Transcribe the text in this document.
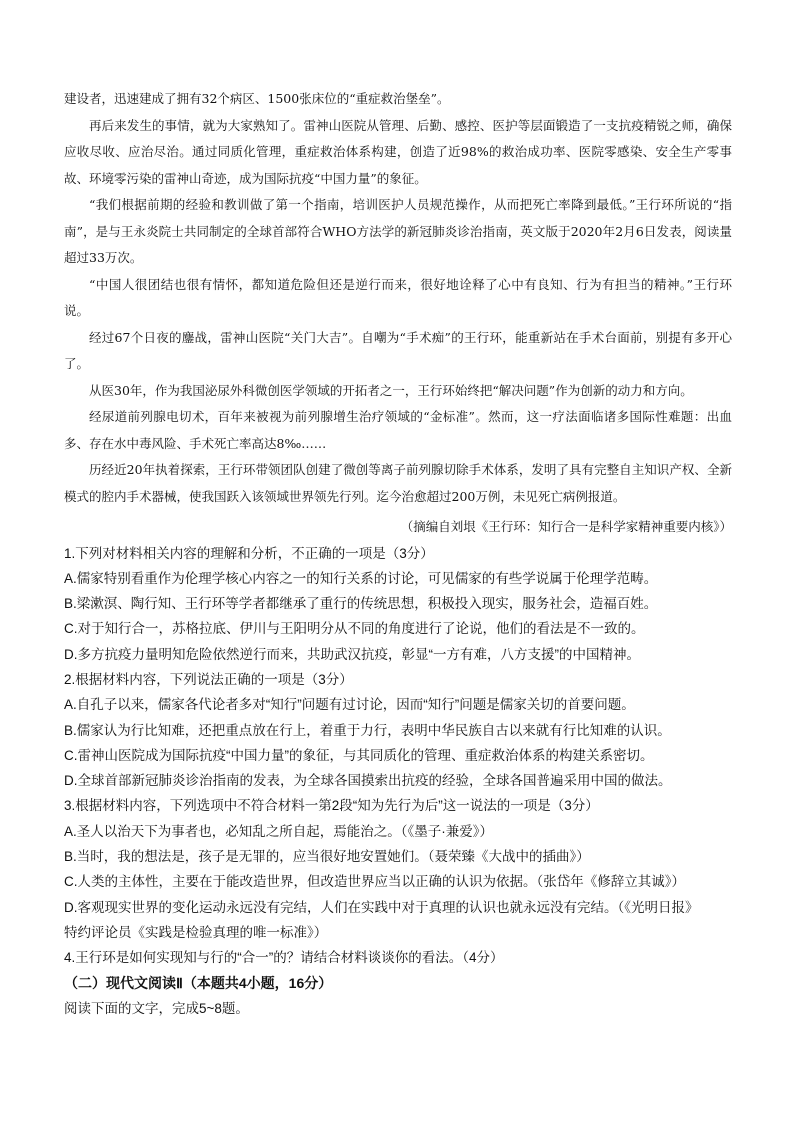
建设者，迅速建成了拥有32个病区、1500张床位的“重症救治堡垒”。

再后来发生的事情，就为大家熟知了。雷神山医院从管理、后勤、感控、医护等层面锻造了一支抗疫精锐之师，确保应收尽收、应治尽治。通过同质化管理，重症救治体系构建，创造了近98%的救治成功率、医院零感染、安全生产零事故、环境零污染的雷神山奇迹，成为国际抗疫“中国力量”的象征。

“我们根据前期的经验和教训做了第一个指南，培训医护人员规范操作，从而把死亡率降到最低。”王行环所说的“指南”，是与王永炎院士共同制定的全球首部符合WHO方法学的新冠肺炎诊治指南，英文版于2020年2月6日发表，阅读量超过33万次。

“中国人很团结也很有情怀，都知道危险但还是逆行而来，很好地诠释了心中有良知、行为有担当的精神。”王行环说。

经过67个日夜的鏖战，雷神山医院“关门大吉”。自嘲为“手术痴”的王行环，能重新站在手术台面前，别提有多开心了。

从医30年，作为我国泌尿外科微创医学领域的开拓者之一，王行环始终把“解决问题”作为创新的动力和方向。

经尿道前列腺电切术，百年来被视为前列腺增生治疗领域的“金标准”。然而，这一疗法面临诸多国际性难题：出血多、存在水中毒风险、手术死亡率高达8‰……

历经近20年执着探索，王行环带领团队创建了微创等离子前列腺切除手术体系，发明了具有完整自主知识产权、全新模式的腔内手术器械，使我国跃入该领域世界领先行列。迄今治愈超过200万例，未见死亡病例报道。

（摘编自刘垠《王行环：知行合一是科学家精神重要内核》）
1.下列对材料相关内容的理解和分析，不正确的一项是（3分）
A.儒家特别看重作为伦理学核心内容之一的知行关系的讨论，可见儒家的有些学说属于伦理学范畴。
B.梁漱溟、陶行知、王行环等学者都继承了重行的传统思想，积极投入现实，服务社会，造福百姓。
C.对于知行合一，苏格拉底、伊川与王阳明分从不同的角度进行了论说，他们的看法是不一致的。
D.多方抗疫力量明知危险依然逆行而来，共助武汉抗疫，彰显“一方有难，八方支援”的中国精神。
2.根据材料内容，下列说法正确的一项是（3分）
A.自孔子以来，儒家各代论者多对“知行”问题有过讨论，因而“知行”问题是儒家关切的首要问题。
B.儒家认为行比知难，还把重点放在行上，着重于力行，表明中华民族自古以来就有行比知难的认识。
C.雷神山医院成为国际抗疫“中国力量”的象征，与其同质化的管理、重症救治体系的构建关系密切。
D.全球首部新冠肺炎诊治指南的发表，为全球各国摸索出抗疫的经验，全球各国普遍采用中国的做法。
3.根据材料内容，下列选项中不符合材料一第2段“知为先行为后”这一说法的一项是（3分）
A.圣人以治天下为事者也，必知乱之所自起，焉能治之。（《墨子·兼爱》）
B.当时，我的想法是，孩子是无罪的，应当很好地安置她们。（聂荣臻《大战中的插曲》）
C.人类的主体性，主要在于能改造世界，但改造世界应当以正确的认识为依据。（张岱年《修辞立其诚》）
D.客观现实世界的变化运动永远没有完结，人们在实践中对于真理的认识也就永远没有完结。（《光明日报》
特约评论员《实践是检验真理的唯一标准》）
4.王行环是如何实现知与行的“合一”的？请结合材料谈谈你的看法。（4分）
（二）现代文阅读Ⅱ（本题共4小题，16分）
阅读下面的文字，完成5~8题。
